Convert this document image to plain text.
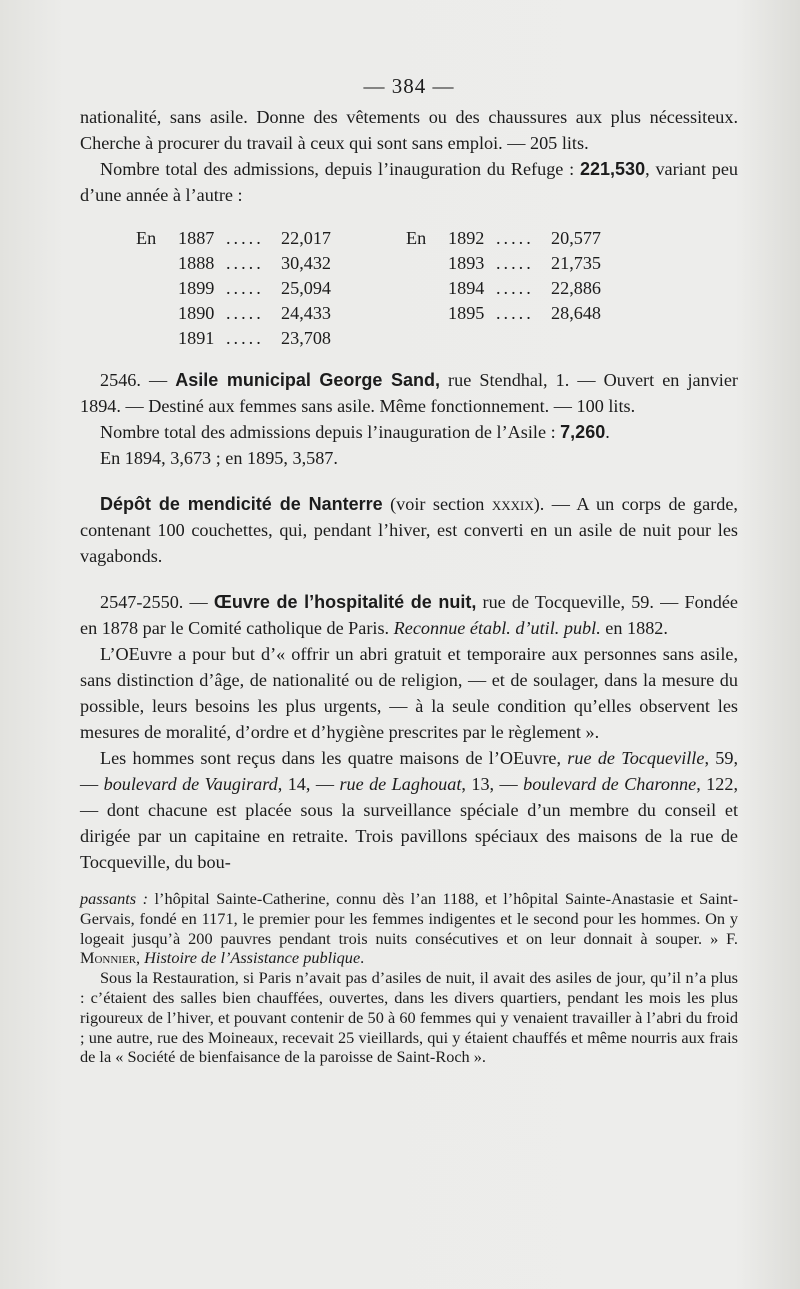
— 384 —

nationalité, sans asile. Donne des vêtements ou des chaussures aux plus nécessiteux. Cherche à procurer du travail à ceux qui sont sans emploi. — 205 lits.

Nombre total des admissions, depuis l’inauguration du Refuge : 221,530, variant peu d’une année à l’autre :

En	1887 ..... 22,017	En	1892 ..... 20,577
1888 ..... 30,432	1893 ..... 21,735
1899 ..... 25,094	1894 ..... 22,886
1890 ..... 24,433	1895 ..... 28,648
1891 ..... 23,708

2546. — Asile municipal George Sand, rue Stendhal, 1. — Ouvert en janvier 1894. — Destiné aux femmes sans asile. Même fonctionnement. — 100 lits.

Nombre total des admissions depuis l’inauguration de l’Asile : 7,260.

En 1894, 3,673 ; en 1895, 3,587.

Dépôt de mendicité de Nanterre (voir section xxxix). — A un corps de garde, contenant 100 couchettes, qui, pendant l’hiver, est converti en un asile de nuit pour les vagabonds.

2547-2550. — Œuvre de l’hospitalité de nuit, rue de Tocqueville, 59. — Fondée en 1878 par le Comité catholique de Paris. Reconnue établ. d’util. publ. en 1882.

L’OEuvre a pour but d’« offrir un abri gratuit et temporaire aux personnes sans asile, sans distinction d’âge, de nationalité ou de religion, — et de soulager, dans la mesure du possible, leurs besoins les plus urgents, — à la seule condition qu’elles observent les mesures de moralité, d’ordre et d’hygiène prescrites par le règlement ».

Les hommes sont reçus dans les quatre maisons de l’OEuvre, rue de Tocqueville, 59, — boulevard de Vaugirard, 14, — rue de Laghouat, 13, — boulevard de Charonne, 122, — dont chacune est placée sous la surveillance spéciale d’un membre du conseil et dirigée par un capitaine en retraite. Trois pavillons spéciaux des maisons de la rue de Tocqueville, du bou-

passants : l’hôpital Sainte-Catherine, connu dès l’an 1188, et l’hôpital Sainte-Anastasie et Saint-Gervais, fondé en 1171, le premier pour les femmes indigentes et le second pour les hommes. On y logeait jusqu’à 200 pauvres pendant trois nuits consécutives et on leur donnait à souper. » F. Monnier, Histoire de l’Assistance publique.

Sous la Restauration, si Paris n’avait pas d’asiles de nuit, il avait des asiles de jour, qu’il n’a plus : c’étaient des salles bien chauffées, ouvertes, dans les divers quartiers, pendant les mois les plus rigoureux de l’hiver, et pouvant contenir de 50 à 60 femmes qui y venaient travailler à l’abri du froid ; une autre, rue des Moineaux, recevait 25 vieillards, qui y étaient chauffés et même nourris aux frais de la « Société de bienfaisance de la paroisse de Saint-Roch ».
